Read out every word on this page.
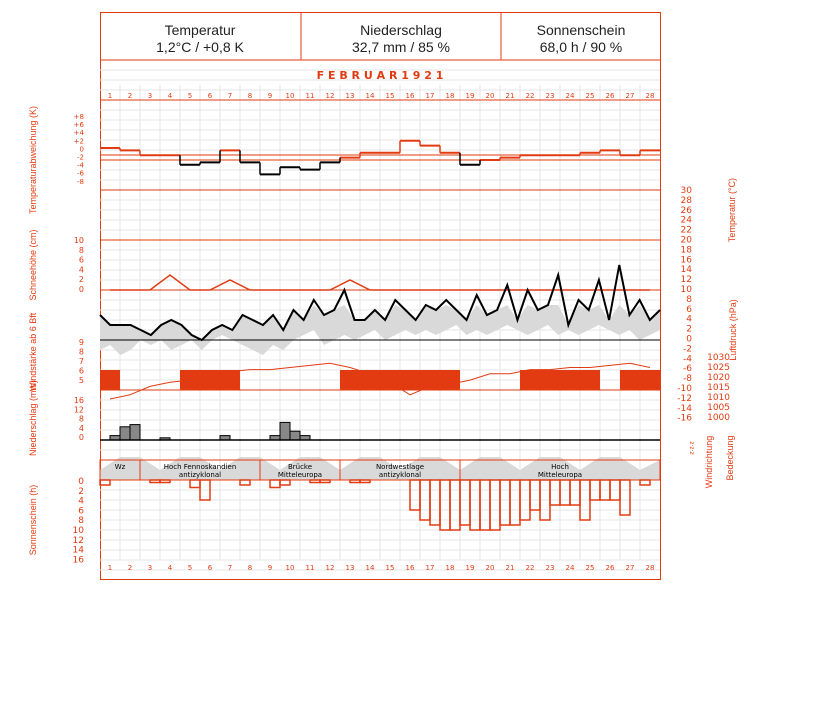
Temperatur
1,2°C / +0,8 K
Niederschlag
32,7 mm / 85 %
Sonnenschein
68,0 h / 90 %
F E B R U A R 1 9 2 1
1
1
2
2
3
3
4
4
5
5
6
6
7
7
8
8
9
9
10
10
11
11
12
12
13
13
14
14
15
15
16
16
17
17
18
18
19
19
20
20
21
21
22
22
23
23
24
24
25
25
26
26
27
27
28
28
+8
+6
+4
+2
0
-2
-4
-6
-8
Temperaturabweichung (K)
10
8
6
4
2
0
Schneehöhe (cm)
30
28
26
24
22
20
18
16
14
12
10
8
6
4
2
0
-2
-4
-6
-8
-10
-12
-14
-16
Temperatur (°C)
Luftdruck (hPa)
1030
1025
1020
1015
1010
1005
1000
9
8
7
6
5
Windstärke ab 6 Bft
16
12
8
4
0
Niederschlag (mm)	z·z·z Windrichtung Bedeckung
Wz	Hoch Fennoskandien
antizyklonal
Brücke
Mitteleuropa
Nordwestlage
antizyklonal
Hoch
Mitteleuropa
0
2
4
6
8
10
12
14
16
Sonnenschein (h)
